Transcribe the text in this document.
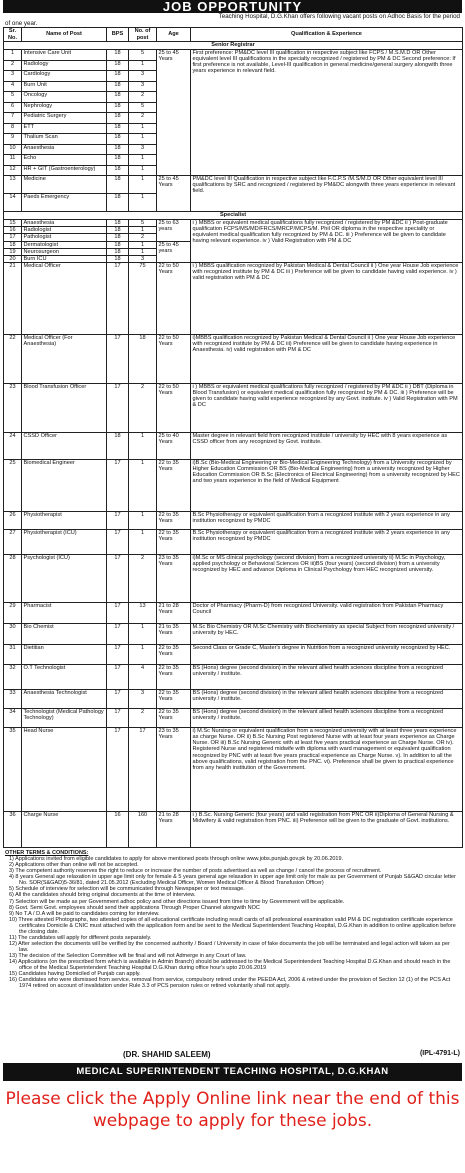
JOB OPPORTUNITY
Teaching Hospital, D.G.Khan offers following vacant posts on Adhoc Basis for the period
of one year.
Sr. No.	Name of Post	BPS	No. of post	Age	Qualification & Experience
Senior Registrar					
1	Intensive Care Unit	18	5	25 to 45 Years	First preference: PM&DC level III qualification in respective subject like FCPS / M.S.M.D OR Other equivalent level III qualifications in the specialty recognized / registered by PM & DC Second preference: If first preference is not available, Level-III qualification in general medicine/general surgery alongwith three years experience in relevant field.
2	Radiology	18	1		
3	Cardiology	18	3		
4	Burn Unit	18	3		
5	Oncology	18	2		
6	Nephrology	18	5		
7	Pediatric Surgery	18	2		
8	ETT	18	1		
9	Thalium Scan	18	1		
10	Anaesthesia	18	3		
11	Echo	18	1		
12	HR + GIT (Gastroenterology)	18	1		
13	Medicine	18	1	25 to 45 Years	PM&DC level III Qualification in respective subject like F.C.P.S /M.S/M.D OR Other equivalent level III qualifications by SRC and recognized / registered by PM&DC alongwith three years experience in relevant field.
14	Paeds Emergency	18	1		
Specialist					
15	Anaesthesia	18	5	25 to 63 years	i ) MBBS or equivalent medical qualifications fully recognized / registered by PM &DC ii ) Post-graduate qualification FCPS/MS/MD/FRCS/MRCP/MCPS/M. Phil OR diploma in the respective speciality or equivalent medical qualification fully recognized by PM & DC. iii ) Preference will be given to candidate having relevant experience. iv ) Valid Registration with PM & DC
16	Radiologist	18	1		
17	Pathologist	18	2		
18	Dermatologist	18	1	25 to 45 years	
19	Neurosurgeon	18	1		
20	Burn ICU	18	3		
21	Medical Officer	17	75	22 to 50 Years	i ) MBBS qualification recognized by Pakistan Medical & Dental Council ii ) One year House Job experience with recognized institute by PM & DC iii ) Preference will be given to candidate having valid experience. iv ) valid registration with PM & DC
22	Medical Officer (For Anaesthesia)	17	18	22 to 50 Years	i)MBBS qualification recognized by Pakistan Medical & Dental Council ii ) One year House Job experience with recognized institute by PM & DC iii) Preference will be given to candidate having experience in Anaesthesia. iv) valid registration with PM & DC
23	Blood Transfusion Officer	17	2	22 to 50 Years	i ) MBBS or equivalent medical qualifications fully recognized / registered by PM &DC ii ) DBT (Diploma in Blood Transfusion) or equivalent medical qualification fully recognized by PM & DC. iii ) Preference will be given to candidate having valid experience recognized by any Govt. institute. iv ) Valid Registration with PM & DC
24	CSSD Officer	18	1	25 to 40 Years	Master degree in relevant field from recognized institute / university by HEC with 8 years experience as CSSD officer from any recognized by Govt. institute.
25	Biomedical Engineer	17	1	22 to 35 Years	i)B.Sc (Bio-Medical Engineering or Bio-Medical Engineering Technology) from a University recognized by Higher Education Commission OR BS (Bio-Medical Engineering) from a university recognized by Higher Education Commission OR B.Sc (Electronics of Electrical Engineering) from a university recognized by HEC and two years experience in the field of Medical Equipment
26	Physiotherapist	17	1	22 to 35 Years	B.Sc Physiotherapy or equivalent qualification from a recognized institute with 2 years experience in any institution recognized by PMDC
27	Physiotherapist (ICU)	17	1	22 to 35 Years	B.Sc Physiotherapy or equivalent qualification from a recognized institute with 2 years experience in any institution recognized by PMDC
28	Psychologist (ICU)	17	2	23 to 35 Years	i)M.Sc or MS clinical psychology (second division) from a recognized university ii) M.Sc in Psychology, applied psychology or Behavioral Sciences OR iii)BS (four years) (second division) from a university recognized by HEC and advance Diploma in Clinical Psychology from HEC recognized university.
29	Pharmacist	17	13	21 to 28 Years	Doctor of Pharmacy (Pharm-D) from recognized University. valid registration from Pakistan Pharmacy Council
30	Bio Chemist	17	1	21 to 35 Years	M.Sc Bio Chemistry OR M.Sc Chemistry with Biochemistry as special Subject from recognized university / university by HEC.
31	Dietitian	17	1	22 to 35 Years	Second Class or Grade C, Master's degree in Nutrition from a recognized university recognized by HEC.
32	O.T Technologist	17	4	22 to 35 Years	BS (Hons) degree (second division) in the relevant allied health sciences discipline from a recognized university / institute.
33	Anaesthesia Technologist	17	3	22 to 35 Years	BS (Hons) degree (second division) in the relevant allied health sciences discipline from a recognized university / institute.
34	Technologist (Medical Pathology Technology)	17	2	22 to 35 Years	BS (Hons) degree (second division) in the relevant allied health sciences discipline from a recognized university / institute.
35	Head Nurse	17	17	23 to 35 Years	i) M.Sc Nursing or equivalent qualification from a recognized university with at least three years experience as charge Nurse. OR ii) B.Sc Nursing Post registered Nurse with at least four years experience as Charge Nurse. OR iii) B.Sc Nursing Generic with at least five years practical experience as Charge Nurse. OR iv). Registered Nurse and registered midwife with diploma with ward management or equivalent qualification recognized by PNC with at least five years practical experience as Charge Nurse. v). In addition to all the above qualifications, valid registration from the PNC. vi). Preference shall be given to practical experience from any health institution of the Government.
36	Charge Nurse	16	160	21 to 28 Years	i ) B.Sc. Nursing Generic (four years) and valid registration from PNC OR ii)Diploma of General Nursing & Midwifery & valid registration from PNC. iii) Preference will be given to the graduate of Govt. institutions.
OTHER TERMS & CONDITIONS:
1) Applications invited from eligible candidates to apply for above mentioned posts through online www.jobs.punjab.gov.pk by 20.06.2019.
2) Applications other than online will not be accepted.
3) The competent authority reserves the right to reduce or increase the number of posts advertised as well as change / cancel the process of recruitment.
4) 8 years General age relaxation in upper age limit only for female & 5 years general age relaxation in upper age limit only for male as per Government of Punjab S&GAD circular letter No. SOR(S&GAD)5-36/81, dated 21.05.2012 (Excluding Medical Officer, Women Medical Officer & Blood Transfusion Officer)
5) Schedule of interview for selection will be communicated through Newspaper or text message.
6) All the candidates should bring original documents at the time of interview.
7) Selection will be made as per Government adhoc policy and other directions issued from time to time by Government will be applicable.
8) Govt. Semi Govt. employees should send their applications Through Proper Channel alongwith NOC
9) No T.A / D.A will be paid to candidates coming for interview.
10) Three attested Photographs, two attested copies of all educational certificate including result cards of all professional examination valid PM & DC registration certificate experience certificates Domicile & CNIC must attached with the application form and be sent to the Medical Superintendent Teaching Hospital, D.G.Khan in addition to online application before the closing date.
11) The candidates will apply for different posts separately.
12) After selection the documents will be verified by the concerned authority / Board / University in case of fake documents the job will be terminated and legal action will taken as per law.
13) The decision of the Selection Committee will be final and will not Admerge in any Court of law.
14) Applications (on the prescribed form which is available in Admin Branch) should be addressed to the Medical Superintendent Teaching Hospital D.G.Khan and should reach in the office of the Medical Superintendent Teaching Hospital D.G.Khan during office hour's upto 20.06.2019
15) Candidates having Domiciled of Punjab can apply.
16) Candidates who were dismissed from service, removal from service, compulsory retired under the PEEDA Act, 2006 & retired under the provision of Section 12 (1) of the PCS Act 1974 retired on account of invalidation under Rule 3.3 of PCS pension rules or retired voluntarily shall not apply.
(DR. SHAHID SALEEM)	(IPL-4791-L)
MEDICAL SUPERINTENDENT TEACHING HOSPITAL, D.G.KHAN
Please click the Apply Online link near the end of this webpage to apply for these jobs.
